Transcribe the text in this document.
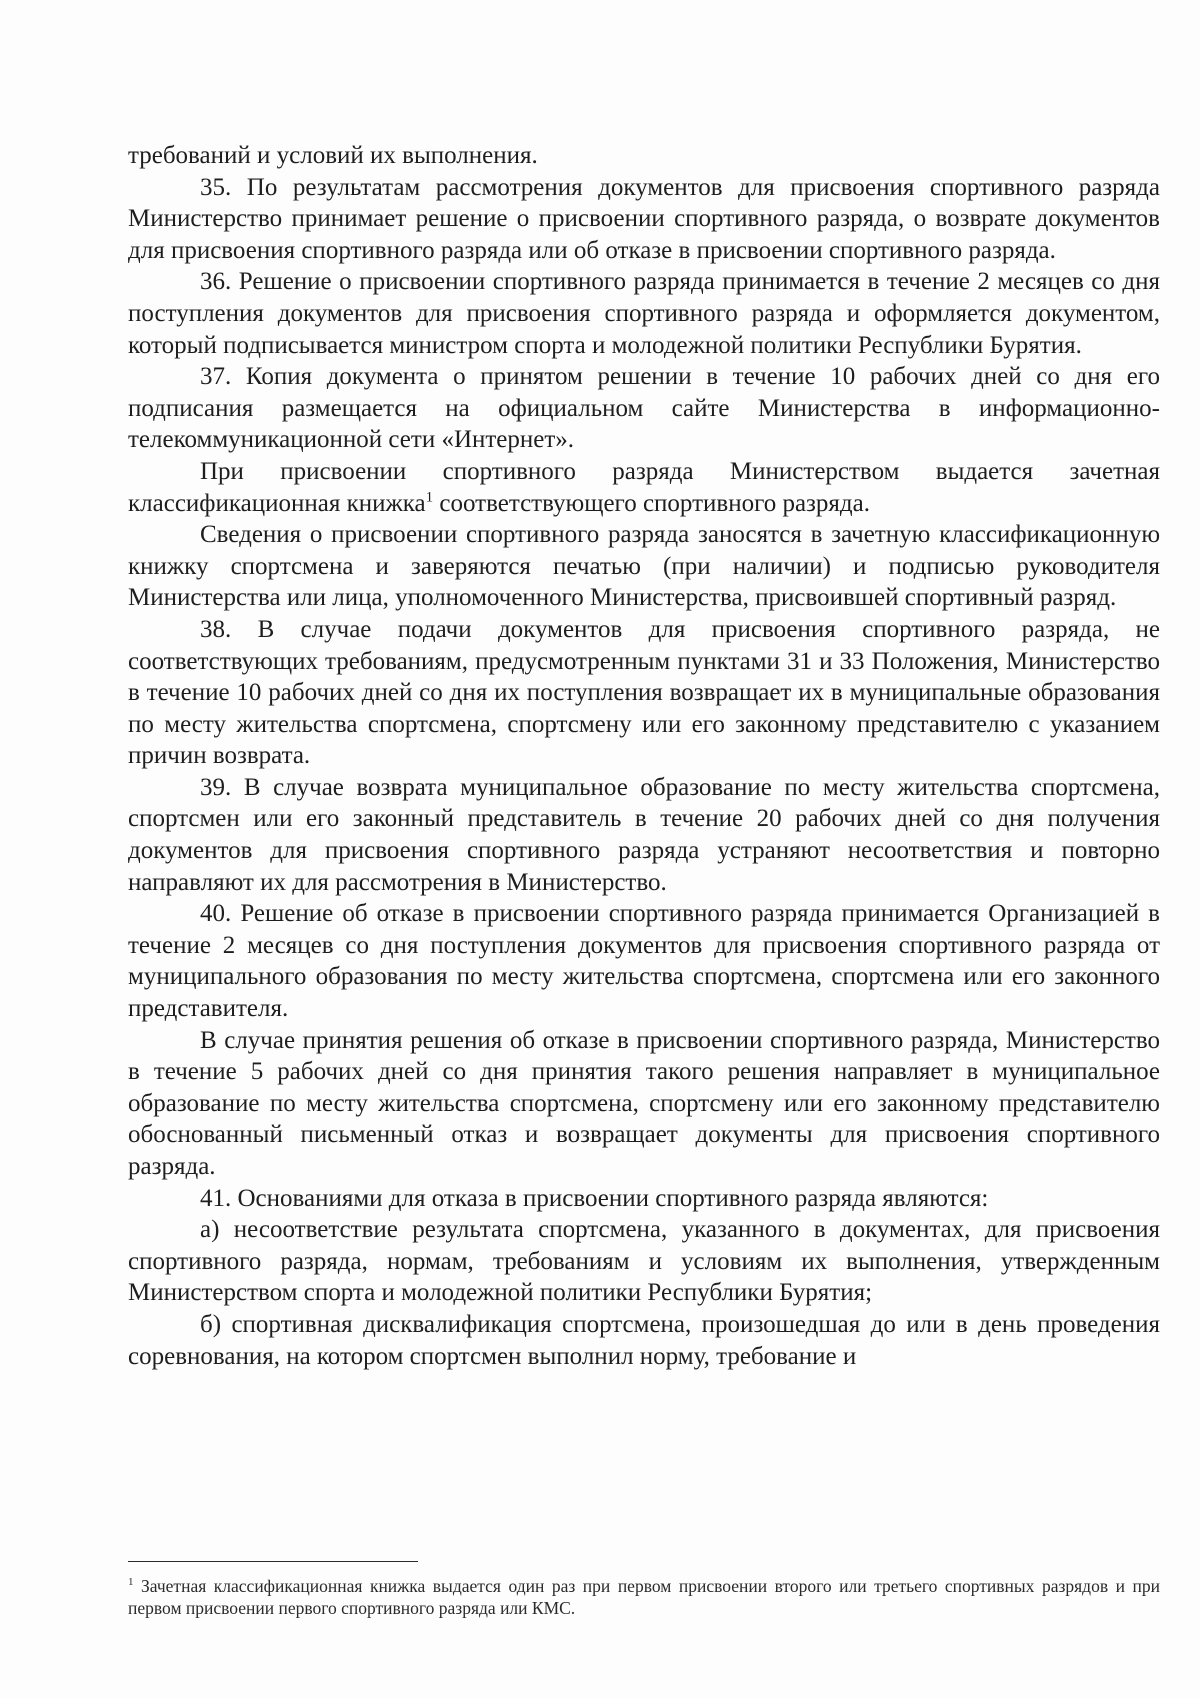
требований и условий их выполнения.

35. По результатам рассмотрения документов для присвоения спортивного разряда Министерство принимает решение о присвоении спортивного разряда, о возврате документов для присвоения спортивного разряда или об отказе в присвоении спортивного разряда.

36. Решение о присвоении спортивного разряда принимается в течение 2 месяцев со дня поступления документов для присвоения спортивного разряда и оформляется документом, который подписывается министром спорта и молодежной политики Республики Бурятия.

37. Копия документа о принятом решении в течение 10 рабочих дней со дня его подписания размещается на официальном сайте Министерства в информационно-телекоммуникационной сети «Интернет».

При присвоении спортивного разряда Министерством выдается зачетная классификационная книжка$^1$ соответствующего спортивного разряда.

Сведения о присвоении спортивного разряда заносятся в зачетную классификационную книжку спортсмена и заверяются печатью (при наличии) и подписью руководителя Министерства или лица, уполномоченного Министерства, присвоившей спортивный разряд.

38. В случае подачи документов для присвоения спортивного разряда, не соответствующих требованиям, предусмотренным пунктами 31 и 33 Положения, Министерство в течение 10 рабочих дней со дня их поступления возвращает их в муниципальные образования по месту жительства спортсмена, спортсмену или его законному представителю с указанием причин возврата.

39. В случае возврата муниципальное образование по месту жительства спортсмена, спортсмен или его законный представитель в течение 20 рабочих дней со дня получения документов для присвоения спортивного разряда устраняют несоответствия и повторно направляют их для рассмотрения в Министерство.

40. Решение об отказе в присвоении спортивного разряда принимается Организацией в течение 2 месяцев со дня поступления документов для присвоения спортивного разряда от муниципального образования по месту жительства спортсмена, спортсмена или его законного представителя.

В случае принятия решения об отказе в присвоении спортивного разряда, Министерство в течение 5 рабочих дней со дня принятия такого решения направляет в муниципальное образование по месту жительства спортсмена, спортсмену или его законному представителю обоснованный письменный отказ и возвращает документы для присвоения спортивного разряда.

41. Основаниями для отказа в присвоении спортивного разряда являются:

а) несоответствие результата спортсмена, указанного в документах, для присвоения спортивного разряда, нормам, требованиям и условиям их выполнения, утвержденным Министерством спорта и молодежной политики Республики Бурятия;

б) спортивная дисквалификация спортсмена, произошедшая до или в день проведения соревнования, на котором спортсмен выполнил норму, требование и

$^1$ Зачетная классификационная книжка выдается один раз при первом присвоении второго или третьего спортивных разрядов и при первом присвоении первого спортивного разряда или КМС.
